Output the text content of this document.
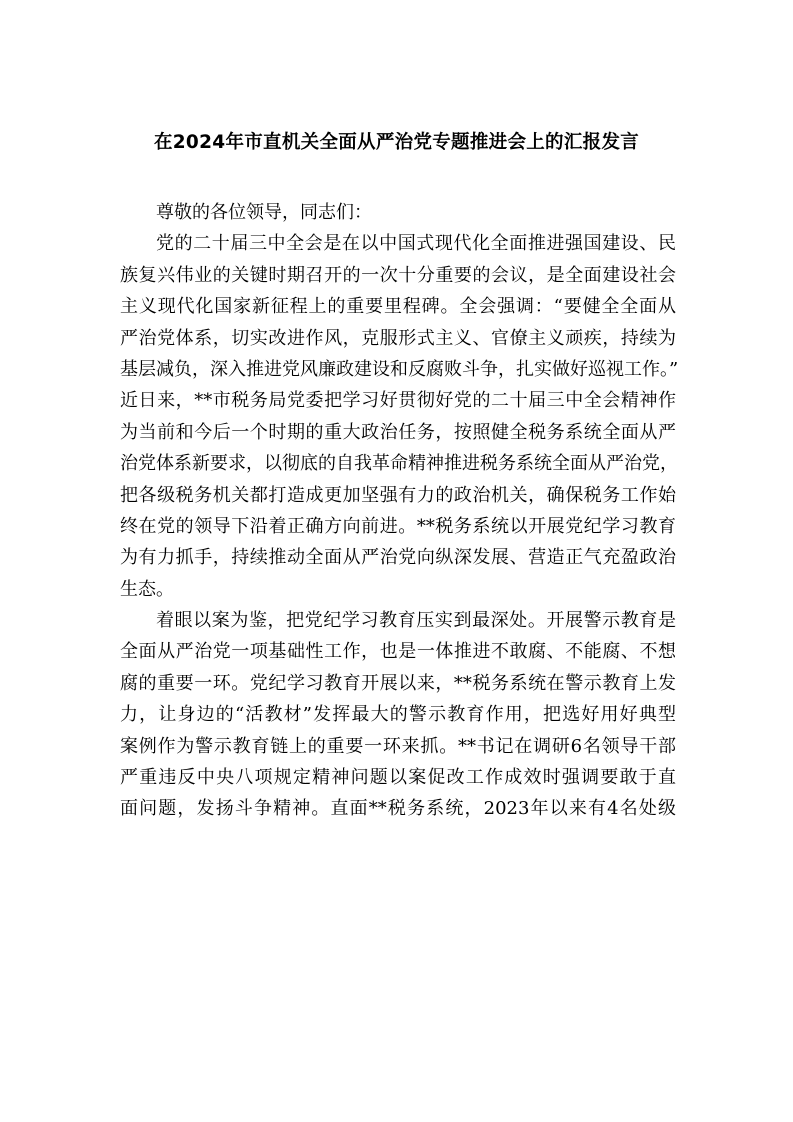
在2024年市直机关全面从严治党专题推进会上的汇报发言
尊敬的各位领导，同志们：
党的二十届三中全会是在以中国式现代化全面推进强国建设、民
族复兴伟业的关键时期召开的一次十分重要的会议，是全面建设社会
主义现代化国家新征程上的重要里程碑。全会强调：“要健全全面从
严治党体系，切实改进作风，克服形式主义、官僚主义顽疾，持续为
基层减负，深入推进党风廉政建设和反腐败斗争，扎实做好巡视工作。”
近日来，**市税务局党委把学习好贯彻好党的二十届三中全会精神作
为当前和今后一个时期的重大政治任务，按照健全税务系统全面从严
治党体系新要求，以彻底的自我革命精神推进税务系统全面从严治党，
把各级税务机关都打造成更加坚强有力的政治机关，确保税务工作始
终在党的领导下沿着正确方向前进。**税务系统以开展党纪学习教育
为有力抓手，持续推动全面从严治党向纵深发展、营造正气充盈政治
生态。
着眼以案为鉴，把党纪学习教育压实到最深处。开展警示教育是
全面从严治党一项基础性工作，也是一体推进不敢腐、不能腐、不想
腐的重要一环。党纪学习教育开展以来，**税务系统在警示教育上发
力，让身边的“活教材”发挥最大的警示教育作用，把选好用好典型
案例作为警示教育链上的重要一环来抓。**书记在调研6名领导干部
严重违反中央八项规定精神问题以案促改工作成效时强调要敢于直
面问题，发扬斗争精神。直面**税务系统，2023年以来有4名处级
